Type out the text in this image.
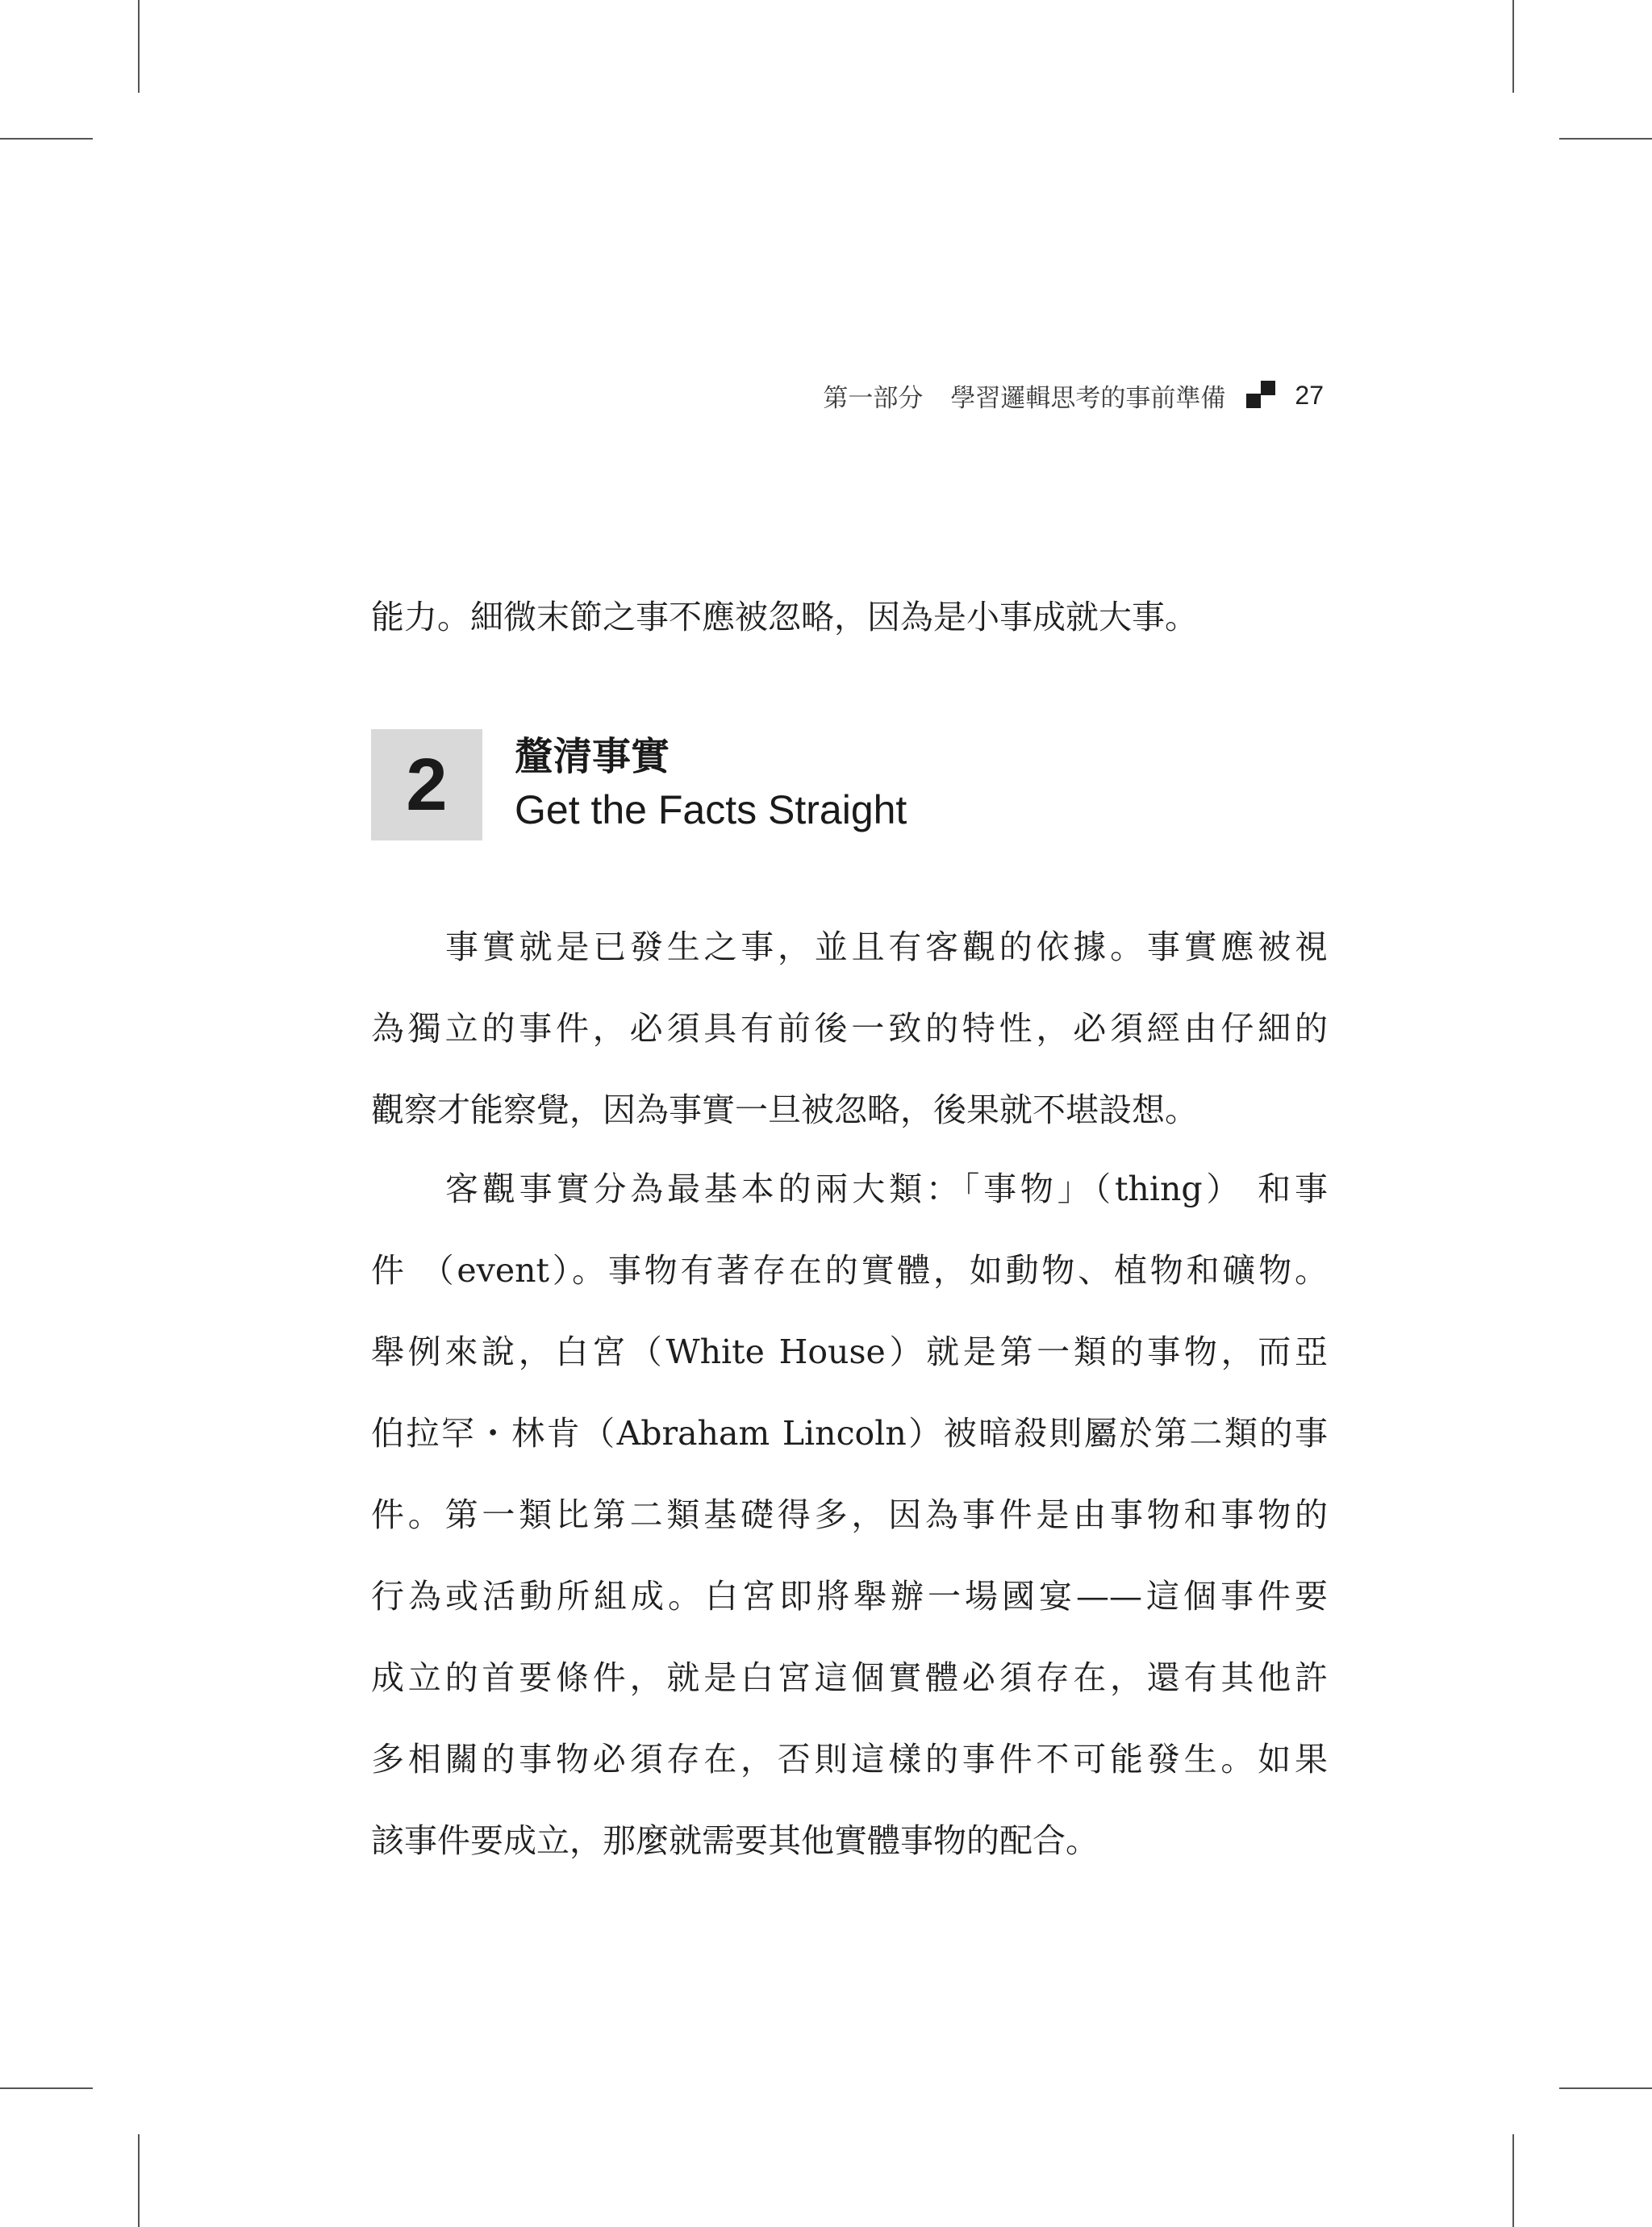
第一部分 學習邏輯思考的事前準備	27
能力。細微末節之事不應被忽略，因為是小事成就大事。
2 釐清事實
Get the Facts Straight

事實就是已發生之事，並且有客觀的依據。事實應被視

為獨立的事件，必須具有前後一致的特性，必須經由仔細的

觀察才能察覺，因為事實一旦被忽略，後果就不堪設想。

客觀事實分為最基本的兩大類：「事物」（thing） 和事

件 （event）。事物有著存在的實體，如動物、植物和礦物。

舉例來說，白宮（White House）就是第一類的事物，而亞

伯拉罕・林肯（Abraham Lincoln）被暗殺則屬於第二類的事

件。第一類比第二類基礎得多，因為事件是由事物和事物的

行為或活動所組成。白宮即將舉辦一場國宴——這個事件要

成立的首要條件，就是白宮這個實體必須存在，還有其他許

多相關的事物必須存在，否則這樣的事件不可能發生。如果

該事件要成立，那麼就需要其他實體事物的配合。
